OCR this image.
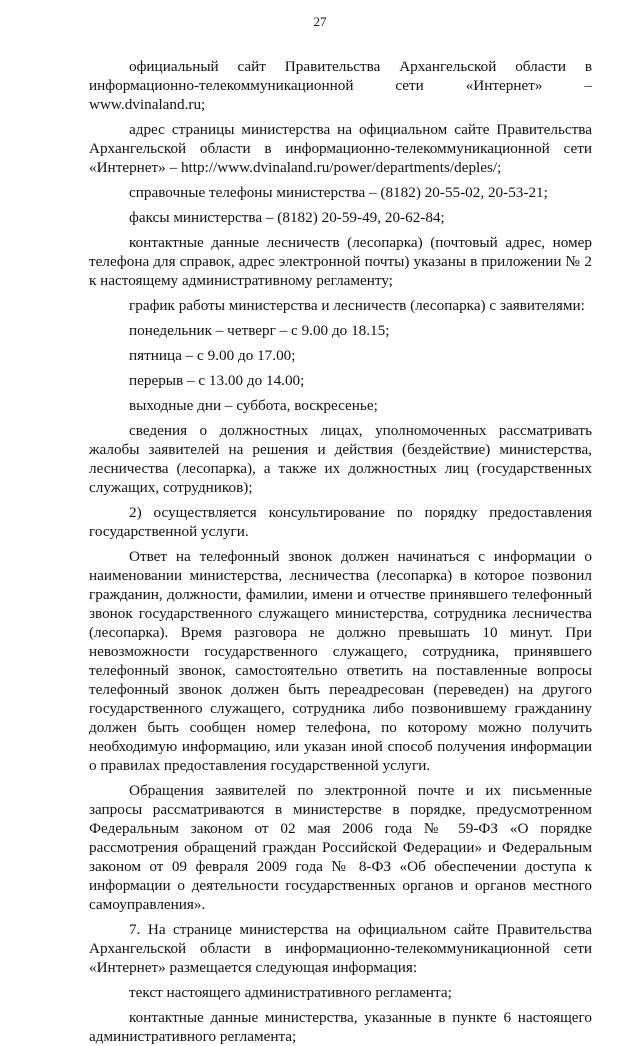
27

официальный сайт Правительства Архангельской области в информационно-телекоммуникационной сети «Интернет» – www.dvinaland.ru;

адрес страницы министерства на официальном сайте Правительства Архангельской области в информационно-телекоммуникационной сети «Интернет» – http://www.dvinaland.ru/power/departments/deples/;

справочные телефоны министерства – (8182) 20-55-02, 20-53-21;

факсы министерства – (8182) 20-59-49, 20-62-84;

контактные данные лесничеств (лесопарка) (почтовый адрес, номер телефона для справок, адрес электронной почты) указаны в приложении № 2 к настоящему административному регламенту;

график работы министерства и лесничеств (лесопарка) с заявителями:

понедельник – четверг – с 9.00 до 18.15;

пятница – с 9.00 до 17.00;

перерыв – с 13.00 до 14.00;

выходные дни – суббота, воскресенье;

сведения о должностных лицах, уполномоченных рассматривать жалобы заявителей на решения и действия (бездействие) министерства, лесничества (лесопарка), а также их должностных лиц (государственных служащих, сотрудников);

2) осуществляется консультирование по порядку предоставления государственной услуги.

Ответ на телефонный звонок должен начинаться с информации о наименовании министерства, лесничества (лесопарка) в которое позвонил гражданин, должности, фамилии, имени и отчестве принявшего телефонный звонок государственного служащего министерства, сотрудника лесничества (лесопарка). Время разговора не должно превышать 10 минут. При невозможности государственного служащего, сотрудника, принявшего телефонный звонок, самостоятельно ответить на поставленные вопросы телефонный звонок должен быть переадресован (переведен) на другого государственного служащего, сотрудника либо позвонившему гражданину должен быть сообщен номер телефона, по которому можно получить необходимую информацию, или указан иной способ получения информации о правилах предоставления государственной услуги.

Обращения заявителей по электронной почте и их письменные запросы рассматриваются в министерстве в порядке, предусмотренном Федеральным законом от 02 мая 2006 года № 59-ФЗ «О порядке рассмотрения обращений граждан Российской Федерации» и Федеральным законом от 09 февраля 2009 года № 8-ФЗ «Об обеспечении доступа к информации о деятельности государственных органов и органов местного самоуправления».

7. На странице министерства на официальном сайте Правительства Архангельской области в информационно-телекоммуникационной сети «Интернет» размещается следующая информация:

текст настоящего административного регламента;

контактные данные министерства, указанные в пункте 6 настоящего административного регламента;
